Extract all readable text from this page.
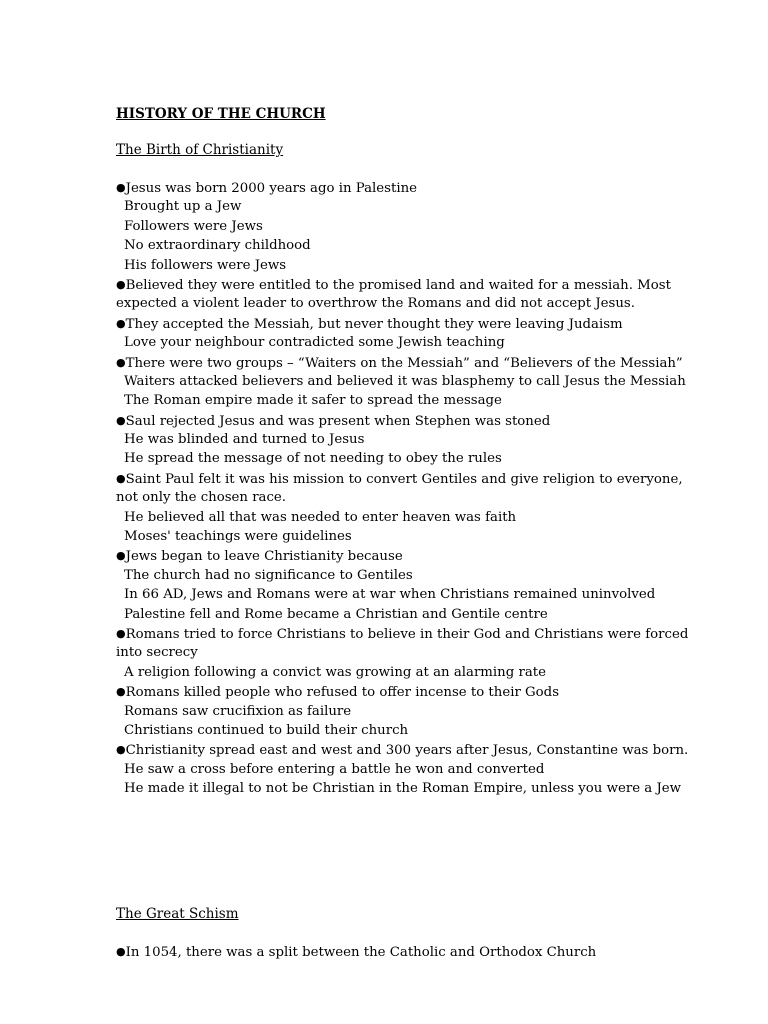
HISTORY OF THE CHURCH
The Birth of Christianity
●Jesus was born 2000 years ago in Palestine
Brought up a Jew
Followers were Jews
No extraordinary childhood
His followers were Jews
●Believed they were entitled to the promised land and waited for a messiah. Most
expected a violent leader to overthrow the Romans and did not accept Jesus.
●They accepted the Messiah, but never thought they were leaving Judaism
Love your neighbour contradicted some Jewish teaching
●There were two groups – “Waiters on the Messiah” and “Believers of the Messiah”
Waiters attacked believers and believed it was blasphemy to call Jesus the Messiah
The Roman empire made it safer to spread the message
●Saul rejected Jesus and was present when Stephen was stoned
He was blinded and turned to Jesus
He spread the message of not needing to obey the rules
●Saint Paul felt it was his mission to convert Gentiles and give religion to everyone,
not only the chosen race.
He believed all that was needed to enter heaven was faith
Moses' teachings were guidelines
●Jews began to leave Christianity because
The church had no significance to Gentiles
In 66 AD, Jews and Romans were at war when Christians remained uninvolved
Palestine fell and Rome became a Christian and Gentile centre
●Romans tried to force Christians to believe in their God and Christians were forced
into secrecy
A religion following a convict was growing at an alarming rate
●Romans killed people who refused to offer incense to their Gods
Romans saw crucifixion as failure
Christians continued to build their church
●Christianity spread east and west and 300 years after Jesus, Constantine was born.
He saw a cross before entering a battle he won and converted
He made it illegal to not be Christian in the Roman Empire, unless you were a Jew
The Great Schism
●In 1054, there was a split between the Catholic and Orthodox Church
